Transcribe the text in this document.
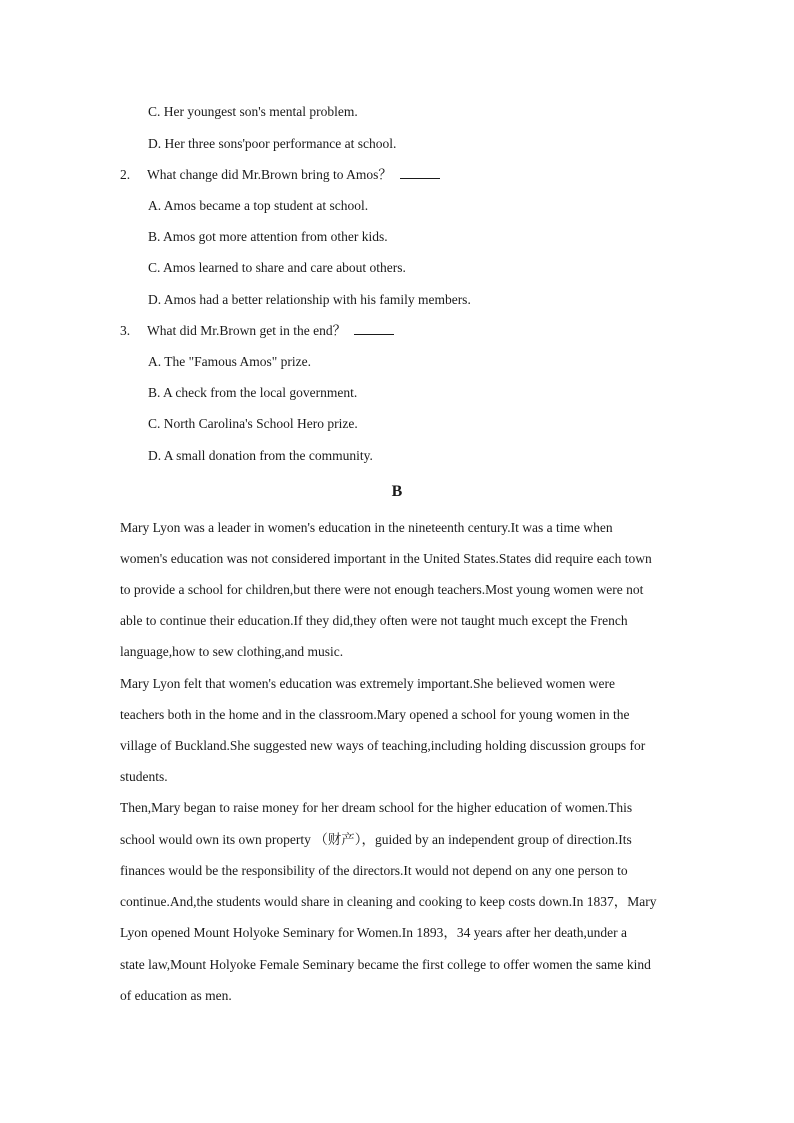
C. Her youngest son's mental problem.
D. Her three sons'poor performance at school.
2. What change did Mr.Brown bring to Amos？
A. Amos became a top student at school.
B. Amos got more attention from other kids.
C. Amos learned to share and care about others.
D. Amos had a better relationship with his family members.
3. What did Mr.Brown get in the end？
A. The "Famous Amos" prize.
B. A check from the local government.
C. North Carolina's School Hero prize.
D. A small donation from the community.
B
Mary Lyon was a leader in women's education in the nineteenth century.It was a time when
women's education was not considered important in the United States.States did require each town
to provide a school for children,but there were not enough teachers.Most young women were not
able to continue their education.If they did,they often were not taught much except the French
language,how to sew clothing,and music.
Mary Lyon felt that women's education was extremely important.She believed women were
teachers both in the home and in the classroom.Mary opened a school for young women in the
village of Buckland.She suggested new ways of teaching,including holding discussion groups for
students.
Then,Mary began to raise money for her dream school for the higher education of women.This
school would own its own property （财产），guided by an independent group of direction.Its
finances would be the responsibility of the directors.It would not depend on any one person to
continue.And,the students would share in cleaning and cooking to keep costs down.In 1837，Mary
Lyon opened Mount Holyoke Seminary for Women.In 1893，34 years after her death,under a
state law,Mount Holyoke Female Seminary became the first college to offer women the same kind
of education as men.
